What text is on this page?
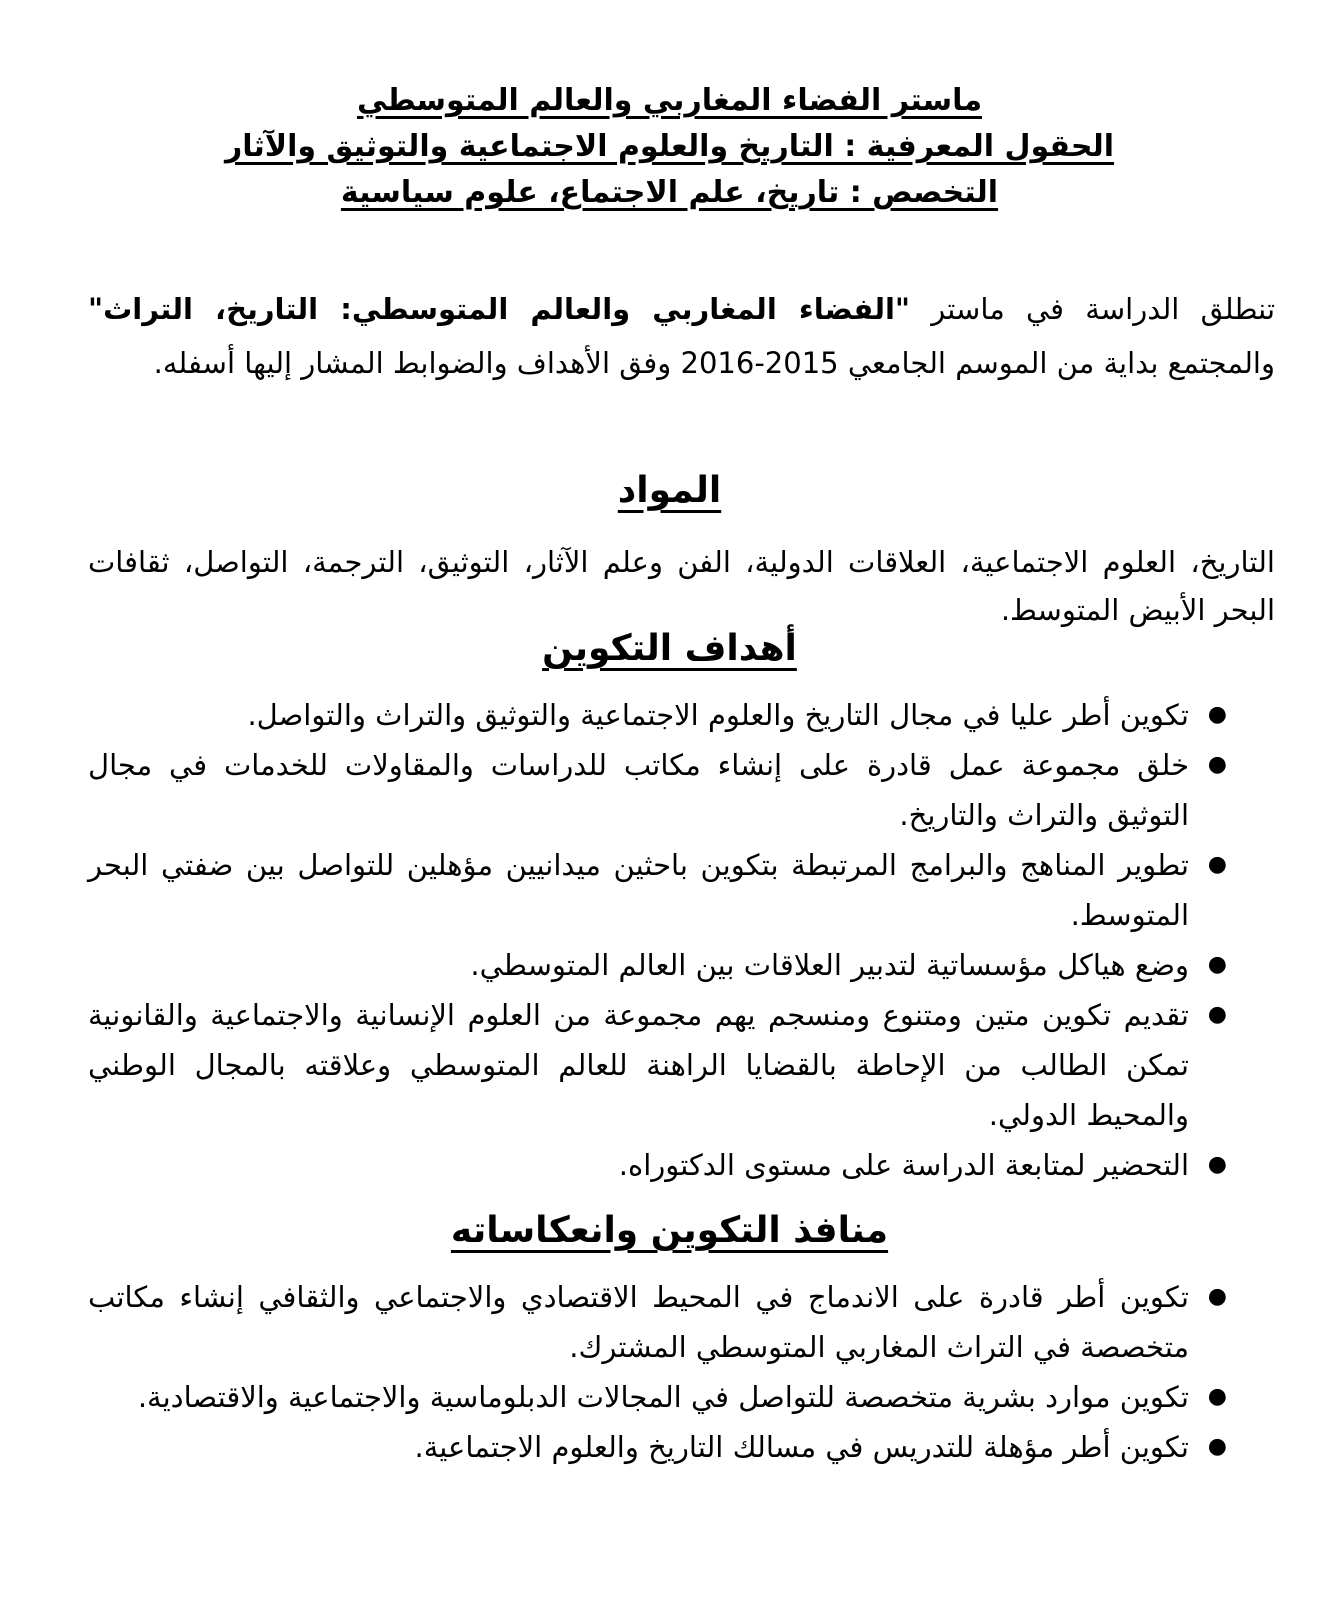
ماستر الفضاء المغاربي والعالم المتوسطي
الحقول المعرفية : التاريخ والعلوم الاجتماعية والتوثيق والآثار
التخصص : تاريخ، علم الاجتماع، علوم سياسية

تنطلق الدراسة في ماستر "الفضاء المغاربي والعالم المتوسطي: التاريخ، التراث" والمجتمع بداية من الموسم الجامعي 2015-2016 وفق الأهداف والضوابط المشار إليها أسفله.

المواد

التاريخ، العلوم الاجتماعية، العلاقات الدولية، الفن وعلم الآثار، التوثيق، الترجمة، التواصل، ثقافات البحر الأبيض المتوسط.

أهداف التكوين
●
تكوين أطر عليا في مجال التاريخ والعلوم الاجتماعية والتوثيق والتراث والتواصل.
●
خلق مجموعة عمل قادرة على إنشاء مكاتب للدراسات والمقاولات للخدمات في مجال التوثيق والتراث والتاريخ.
●
تطوير المناهج والبرامج المرتبطة بتكوين باحثين ميدانيين مؤهلين للتواصل بين ضفتي البحر المتوسط.
●
وضع هياكل مؤسساتية لتدبير العلاقات بين العالم المتوسطي.
●
تقديم تكوين متين ومتنوع ومنسجم يهم مجموعة من العلوم الإنسانية والاجتماعية والقانونية تمكن الطالب من الإحاطة بالقضايا الراهنة للعالم المتوسطي وعلاقته بالمجال الوطني والمحيط الدولي.
●
التحضير لمتابعة الدراسة على مستوى الدكتوراه.
منافذ التكوين وانعكاساته
●
تكوين أطر قادرة على الاندماج في المحيط الاقتصادي والاجتماعي والثقافي إنشاء مكاتب متخصصة في التراث المغاربي المتوسطي المشترك.
●
تكوين موارد بشرية متخصصة للتواصل في المجالات الدبلوماسية والاجتماعية والاقتصادية.
●
تكوين أطر مؤهلة للتدريس في مسالك التاريخ والعلوم الاجتماعية.
